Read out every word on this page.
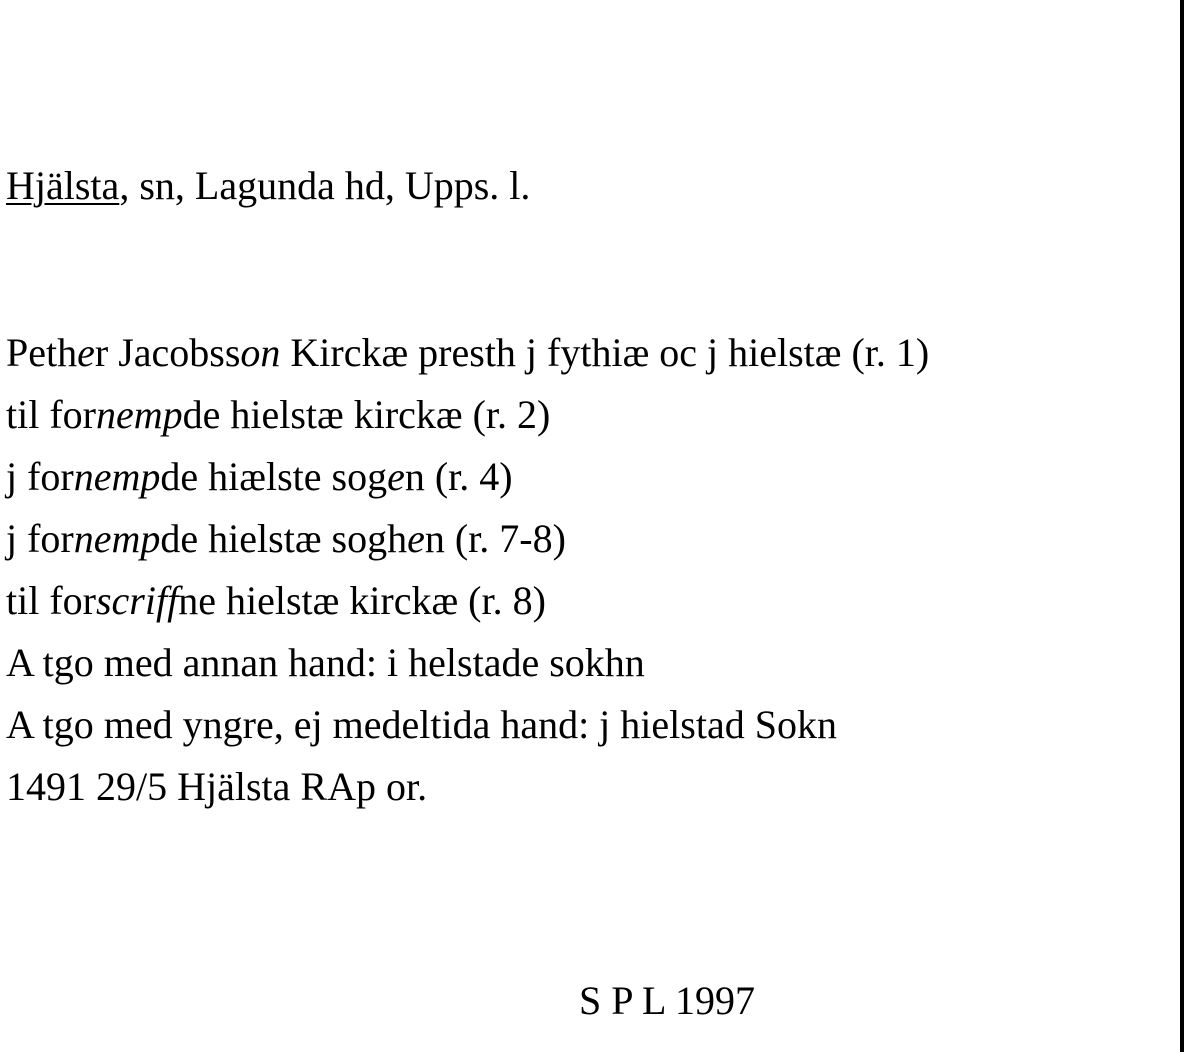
Hjälsta, sn, Lagunda hd, Upps. l.
Pether Jacobsson Kirckæ presth j fythiæ oc j hielstæ (r. 1)
til fornempde hielstæ kirckæ (r. 2)
j fornempde hiælste sogen (r. 4)
j fornempde hielstæ soghen (r. 7-8)
til forscriffne hielstæ kirckæ (r. 8)
A tgo med annan hand: i helstade sokhn
A tgo med yngre, ej medeltida hand: j hielstad Sokn
1491 29/5 Hjälsta RAp or.
S P L 1997
